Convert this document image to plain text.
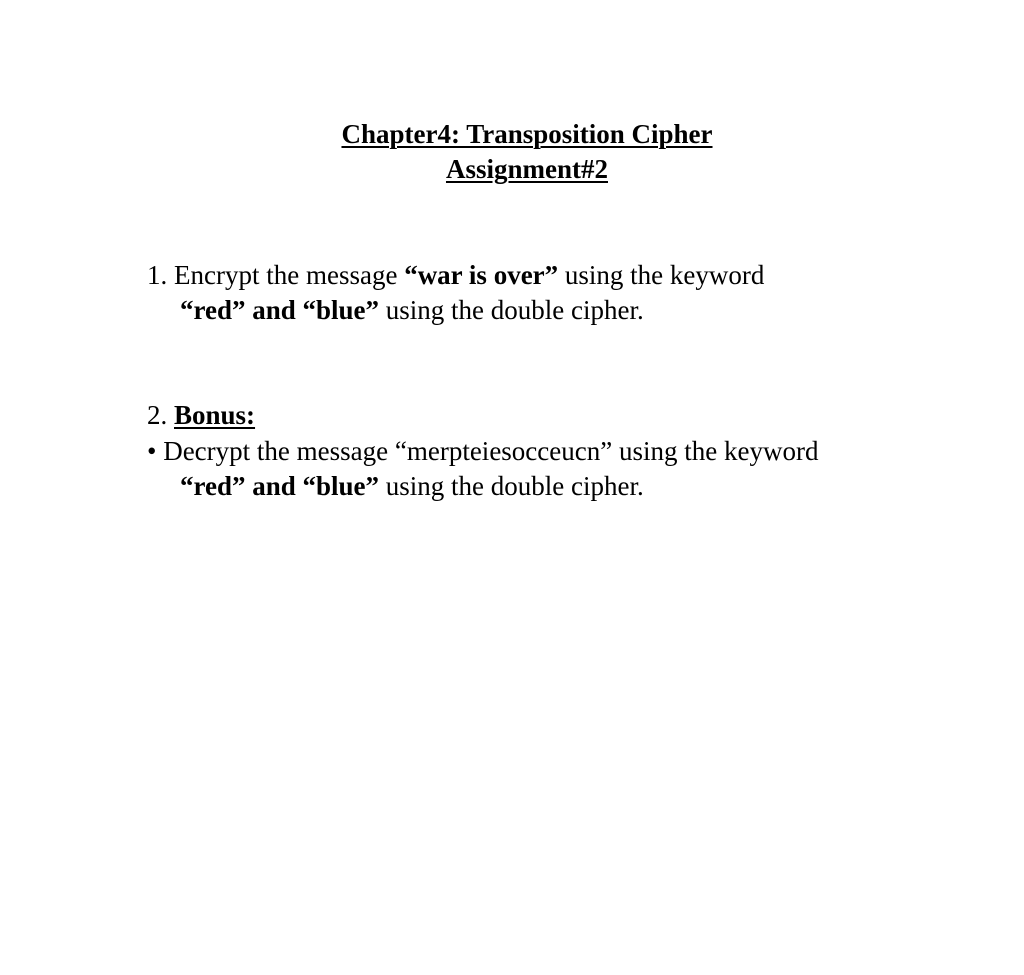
Chapter4: Transposition Cipher
Assignment#2
1. Encrypt the message “war is over” using the keyword
“red” and “blue” using the double cipher.
2. Bonus:
• Decrypt the message “merpteiesocceucn” using the keyword
“red” and “blue” using the double cipher.
